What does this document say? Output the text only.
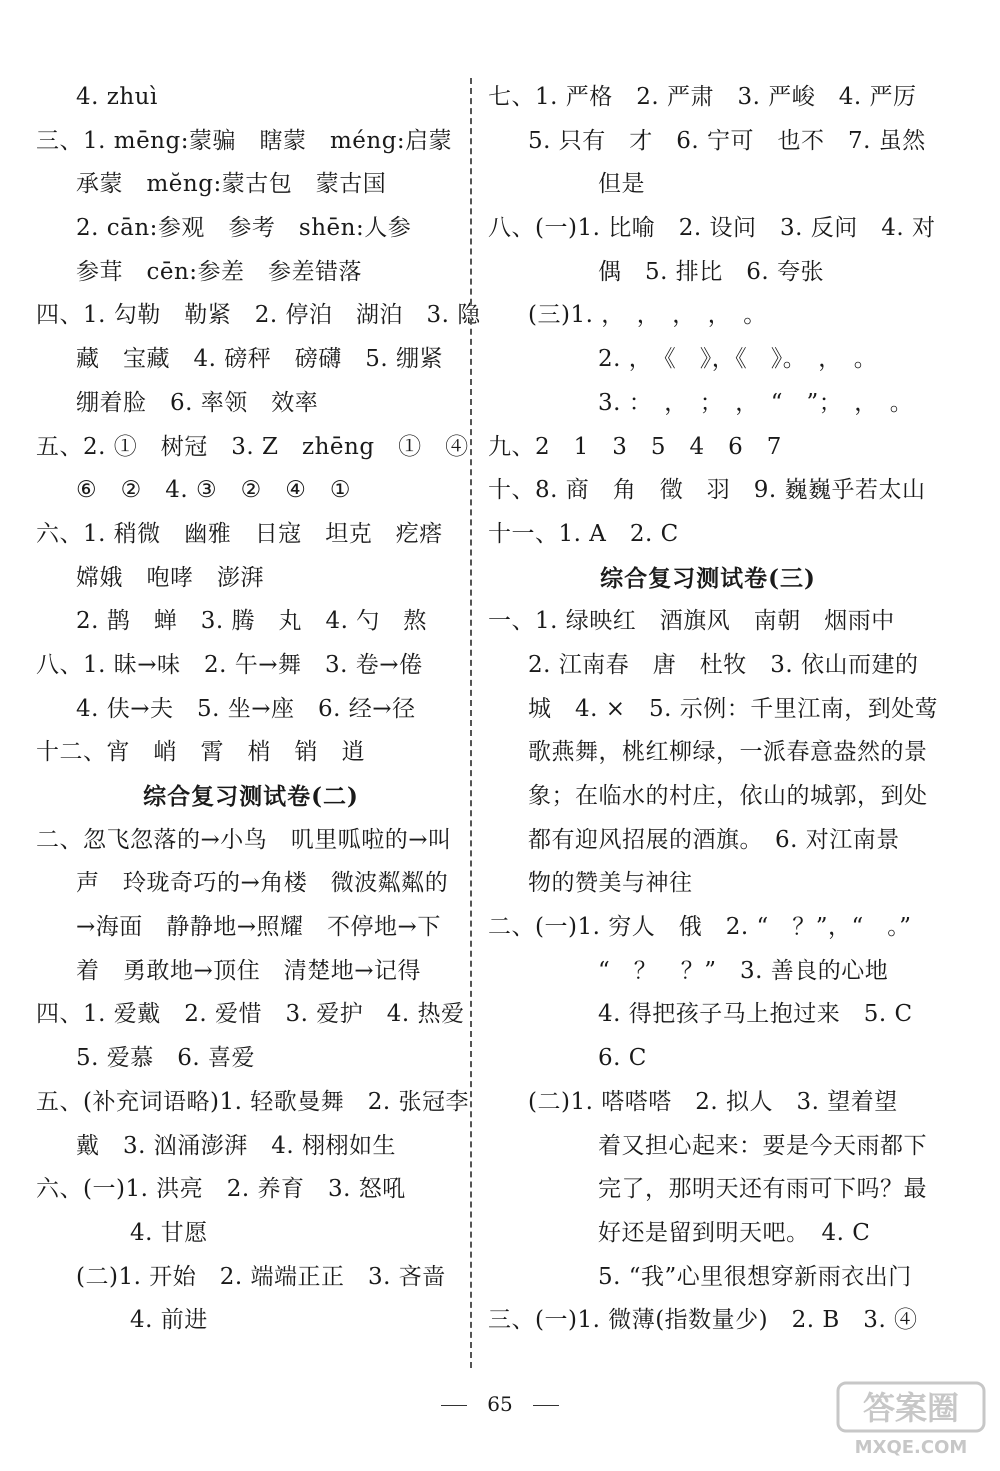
4. zhuì
三、1. mēng:蒙骗　瞎蒙　méng:启蒙
承蒙　mĕng:蒙古包　蒙古国
2. cān:参观　参考　shēn:人参
参茸　cēn:参差　参差错落
四、1. 勾勒　勒紧　2. 停泊　湖泊　3. 隐
藏　宝藏　4. 磅秤　磅礴　5. 绷紧
绷着脸　6. 率领　效率
五、2. ①　树冠　3. Z　zhēng　①　④
⑥　②　4. ③　②　④　①
六、1. 稍微　幽雅　日寇　坦克　疙瘩
嫦娥　咆哮　澎湃
2. 鹊　蝉　3. 腾　丸　4. 勺　熬
八、1. 昧→味　2. 午→舞　3. 卷→倦
4. 伕→夫　5. 坐→座　6. 经→径
十二、宵　峭　霄　梢　销　逍
综合复习测试卷(二)
二、忽飞忽落的→小鸟　叽里呱啦的→叫
声　玲珑奇巧的→角楼　微波粼粼的
→海面　静静地→照耀　不停地→下
着　勇敢地→顶住　清楚地→记得
四、1. 爱戴　2. 爱惜　3. 爱护　4. 热爱
5. 爱慕　6. 喜爱
五、(补充词语略)1. 轻歌曼舞　2. 张冠李
戴　3. 汹涌澎湃　4. 栩栩如生
六、(一)1. 洪亮　2. 养育　3. 怒吼
4. 甘愿
(二)1. 开始　2. 端端正正　3. 吝啬
4. 前进
七、1. 严格　2. 严肃　3. 严峻　4. 严厉
5. 只有　才　6. 宁可　也不　7. 虽然
但是
八、(一)1. 比喻　2. 设问　3. 反问　4. 对
偶　5. 排比　6. 夸张
(三)1. ，　，　，　，　。
2. ，　《　》，《　》。　，　。
3. ：　，　；　，　“　”；　，　。
九、2　1　3　5　4　6　7
十、8. 商　角　徵　羽　9. 巍巍乎若太山
十一、1. A　2. C
综合复习测试卷(三)
一、1. 绿映红　酒旗风　南朝　烟雨中
2. 江南春　唐　杜牧　3. 依山而建的
城　4. ×　5. 示例：千里江南，到处莺
歌燕舞，桃红柳绿，一派春意盎然的景
象；在临水的村庄，依山的城郭，到处
都有迎风招展的酒旗。　6. 对江南景
物的赞美与神往
二、(一)1. 穷人　俄　2. “　？”，“　。”
“　？　？”　3. 善良的心地
4. 得把孩子马上抱过来　5. C
6. C
(二)1. 嗒嗒嗒　2. 拟人　3. 望着望
着又担心起来：要是今天雨都下
完了，那明天还有雨可下吗？最
好还是留到明天吧。　4. C
5. “我”心里很想穿新雨衣出门
三、(一)1. 微薄(指数量少)　2. B　3. ④
65	答案圈
MXQE.COM
